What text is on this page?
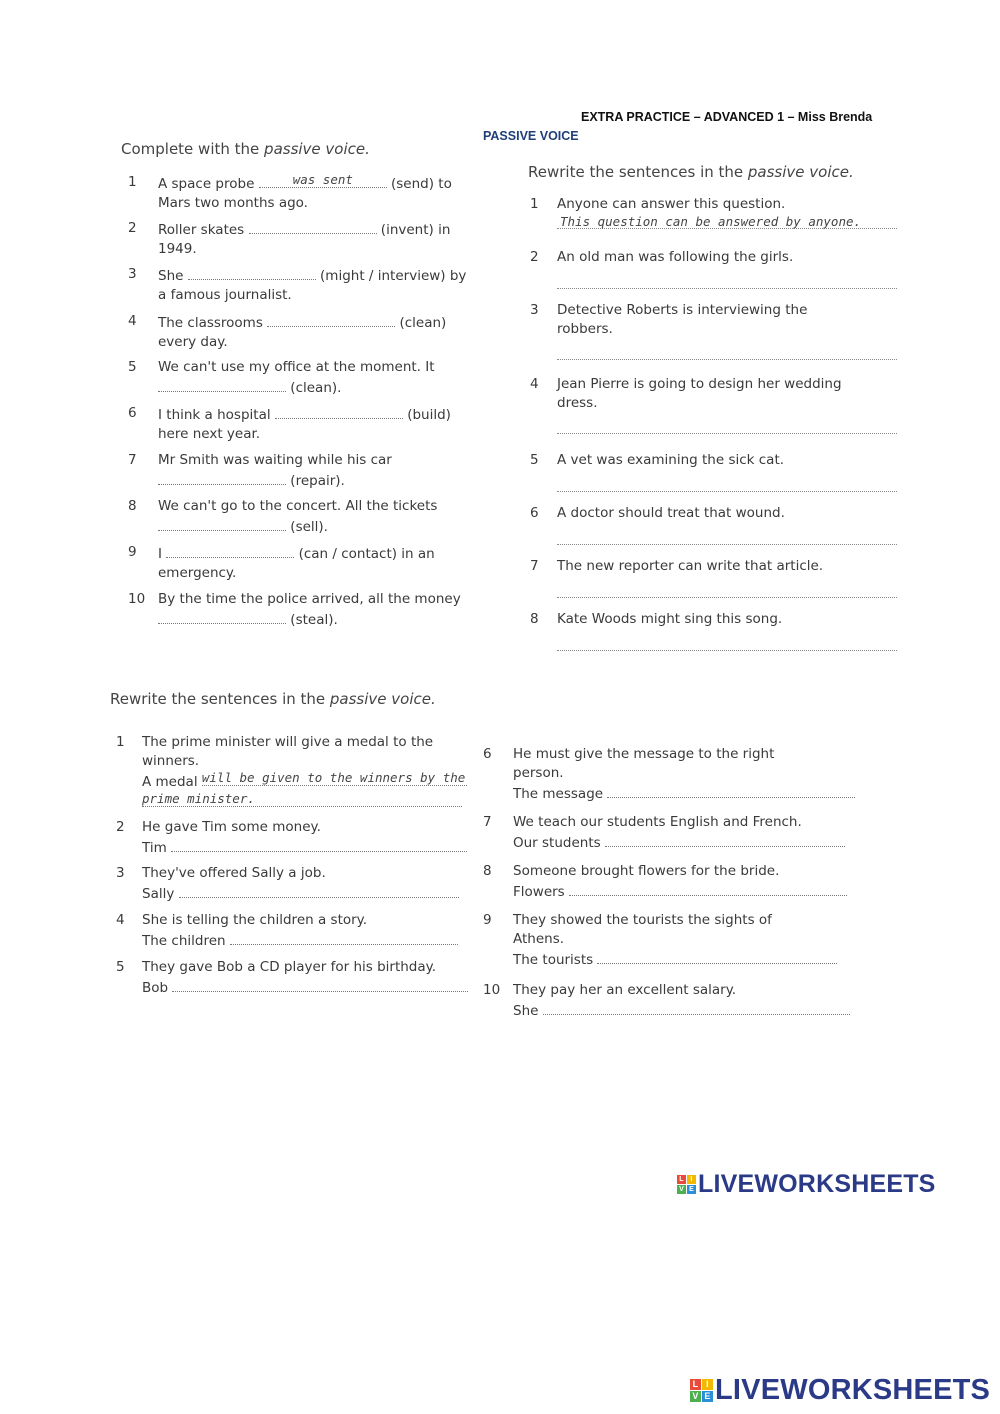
EXTRA PRACTICE – ADVANCED 1 – Miss Brenda
PASSIVE VOICE
Complete with the passive voice.
1	A space probe	was sent	(send) to
Mars two months ago.
2	Roller skates	(invent) in
1949.
3	She	(might / interview) by
a famous journalist.
4	The classrooms	(clean)
every day.
5	We can't use my office at the moment. It
(clean).
6	I think a hospital	(build)
here next year.
7	Mr Smith was waiting while his car
(repair).
8	We can't go to the concert. All the tickets
(sell).
9	I	(can / contact) in an
emergency.
10 By the time the police arrived, all the money
(steal).
Rewrite the sentences in the passive voice.
1	Anyone can answer this question.
This question can be answered by anyone.
2	An old man was following the girls.
3	Detective Roberts is interviewing the
robbers.
4	Jean Pierre is going to design her wedding
dress.
5	A vet was examining the sick cat.
6	A doctor should treat that wound.
7	The new reporter can write that article.
8	Kate Woods might sing this song.
Rewrite the sentences in the passive voice.
1	The prime minister will give a medal to the
winners.
A medal will be given to the winners by the
prime minister.
2	He gave Tim some money.
Tim
3	They've offered Sally a job.
Sally
4	She is telling the children a story.
The children
5	They gave Bob a CD player for his birthday.
Bob
6	He must give the message to the right
person.
The message
7	We teach our students English and French.
Our students
8	Someone brought flowers for the bride.
Flowers
9	They showed the tourists the sights of
Athens.
The tourists
10 They pay her an excellent salary.
She
L I
V E LIVEWORKSHEETS
L I
V E LIVEWORKSHEETS
